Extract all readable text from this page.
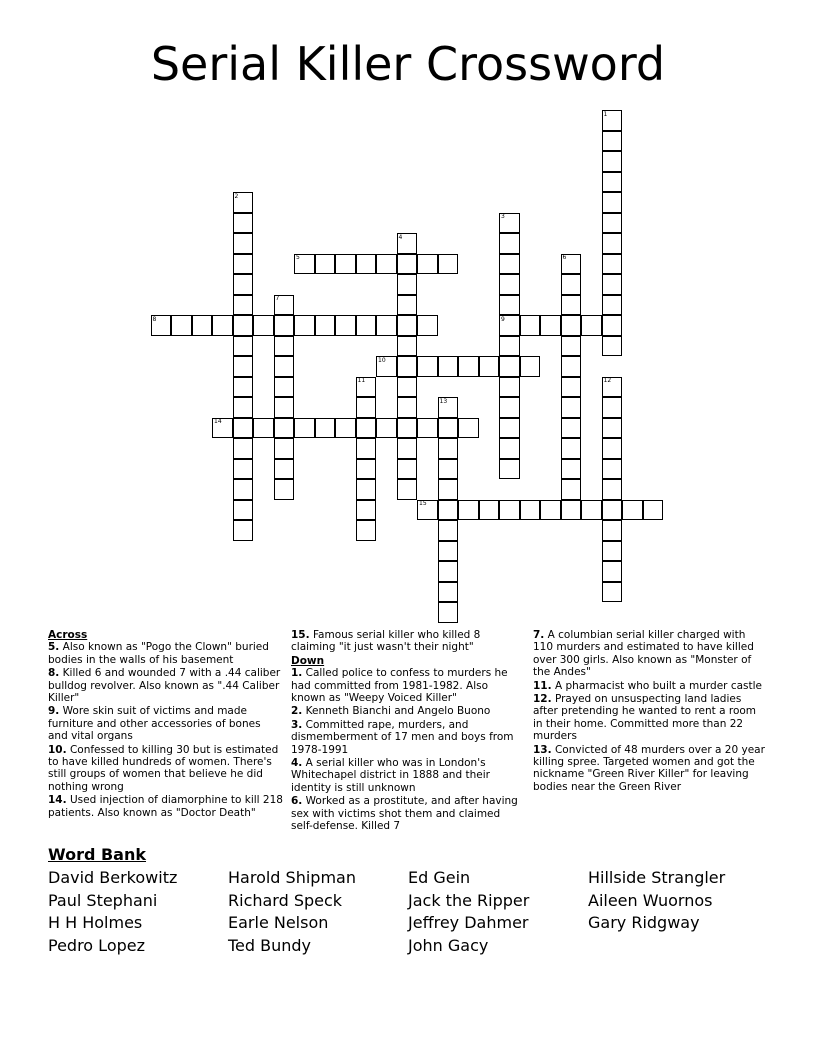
Serial Killer Crossword
1
2
3
4
5	6
7
8	9
10
11	12
13
14
15
Across
5. Also known as "Pogo the Clown" buried bodies in the walls of his basement
8. Killed 6 and wounded 7 with a .44 caliber bulldog revolver. Also known as ".44 Caliber Killer"
9. Wore skin suit of victims and made furniture and other accessories of bones and vital organs
10. Confessed to killing 30 but is estimated to have killed hundreds of women. There's still groups of women that believe he did nothing wrong
14. Used injection of diamorphine to kill 218 patients. Also known as "Doctor Death"
15. Famous serial killer who killed 8 claiming "it just wasn't their night"
Down
1. Called police to confess to murders he had committed from 1981-1982. Also known as "Weepy Voiced Killer"
2. Kenneth Bianchi and Angelo Buono
3. Committed rape, murders, and dismemberment of 17 men and boys from 1978-1991
4. A serial killer who was in London's Whitechapel district in 1888 and their identity is still unknown
6. Worked as a prostitute, and after having sex with victims shot them and claimed self-defense. Killed 7
7. A columbian serial killer charged with 110 murders and estimated to have killed over 300 girls. Also known as "Monster of the Andes"
11. A pharmacist who built a murder castle
12. Prayed on unsuspecting land ladies after pretending he wanted to rent a room in their home. Committed more than 22 murders
13. Convicted of 48 murders over a 20 year killing spree. Targeted women and got the nickname "Green River Killer" for leaving bodies near the Green River
Word Bank
David Berkowitz
Paul Stephani
H H Holmes
Pedro Lopez
Harold Shipman
Richard Speck
Earle Nelson
Ted Bundy
Ed Gein
Jack the Ripper
Jeffrey Dahmer
John Gacy
Hillside Strangler
Aileen Wuornos
Gary Ridgway
